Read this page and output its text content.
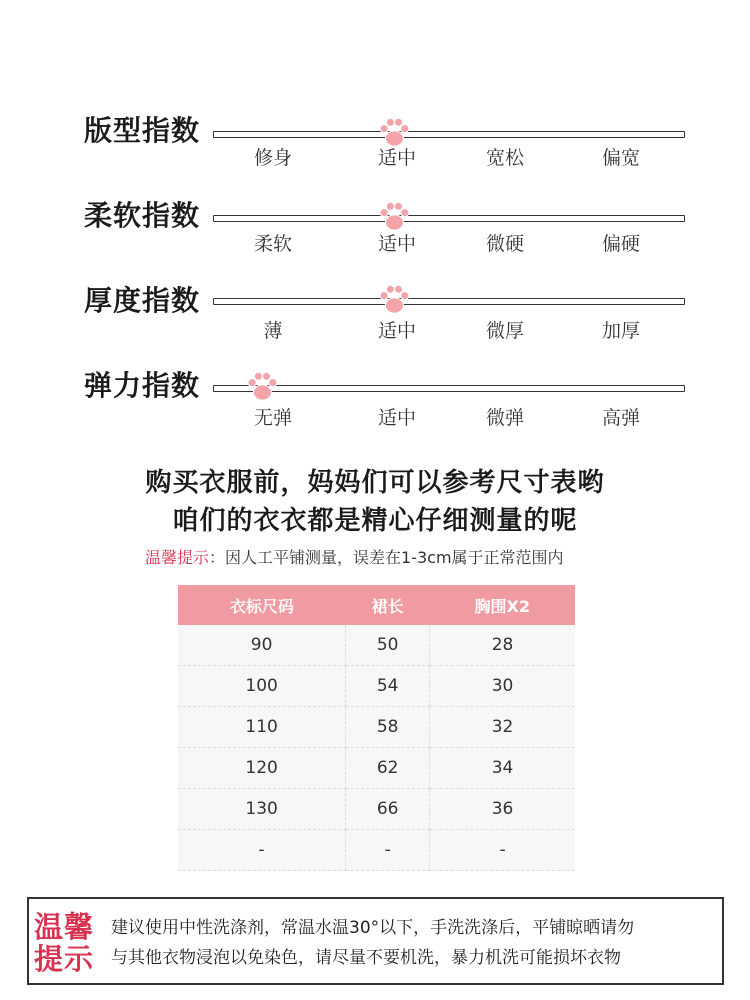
版型指数
修身	适中	宽松	偏宽
柔软指数
柔软	适中	微硬	偏硬
厚度指数
薄	适中	微厚	加厚
弹力指数
无弹	适中	微弹	高弹
购买衣服前，妈妈们可以参考尺寸表哟
咱们的衣衣都是精心仔细测量的呢
温馨提示：因人工平铺测量，误差在1-3cm属于正常范围内
衣标尺码	裙长	胸围X2
90	50	28
100	54	30
110	58	32
120	62	34
130	66	36
-	-	-
温馨提示
建议使用中性洗涤剂，常温水温30°以下，手洗洗涤后，平铺晾晒请勿
与其他衣物浸泡以免染色，请尽量不要机洗，暴力机洗可能损坏衣物
